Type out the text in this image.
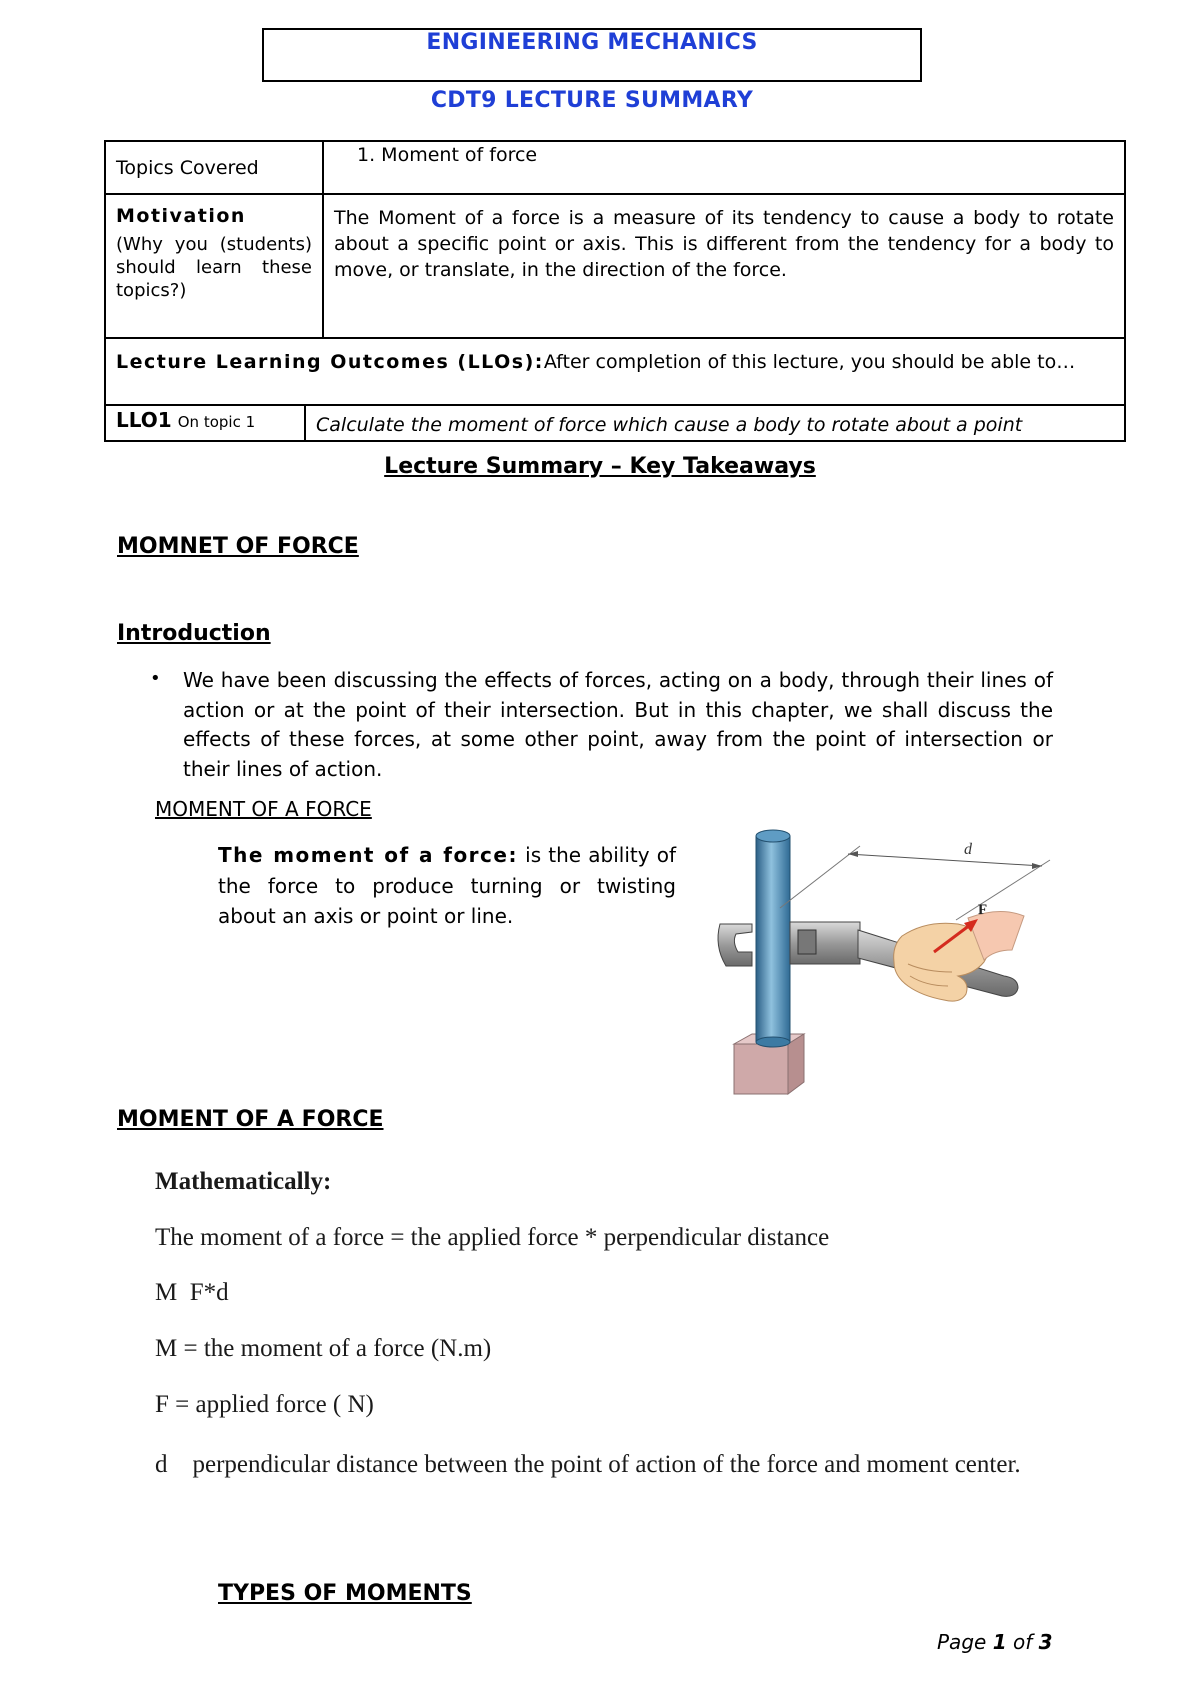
ENGINEERING MECHANICS
CDT9 LECTURE SUMMARY
Topics Covered		1. Moment of force

Motivation
(Why you (students) should learn these topics?)		The Moment of a force is a measure of its tendency to cause a body to rotate about a specific point or axis. This is different from the tendency for a body to move, or translate, in the direction of the force.

Lecture Learning Outcomes (LLOs):After completion of this lecture, you should be able to…		
LLO1 On topic 1	Calculate the moment of force which cause a body to rotate about a point	
Lecture Summary – Key Takeaways
MOMNET OF FORCE
Introduction
• We have been discussing the effects of forces, acting on a body, through their lines of action or at the point of their intersection. But in this chapter, we shall discuss the effects of these forces, at some other point, away from the point of intersection or their lines of action.
MOMENT OF A FORCE
The moment of a force: is the ability of the force to produce turning or twisting about an axis or point or line.
d
F
MOMENT OF A FORCE
Mathematically:
The moment of a force = the applied force * perpendicular distance
M  F*d
M = the moment of a force (N.m)
F = applied force ( N)
d    perpendicular distance between the point of action of the force and moment center.
TYPES OF MOMENTS
Page 1 of 3
